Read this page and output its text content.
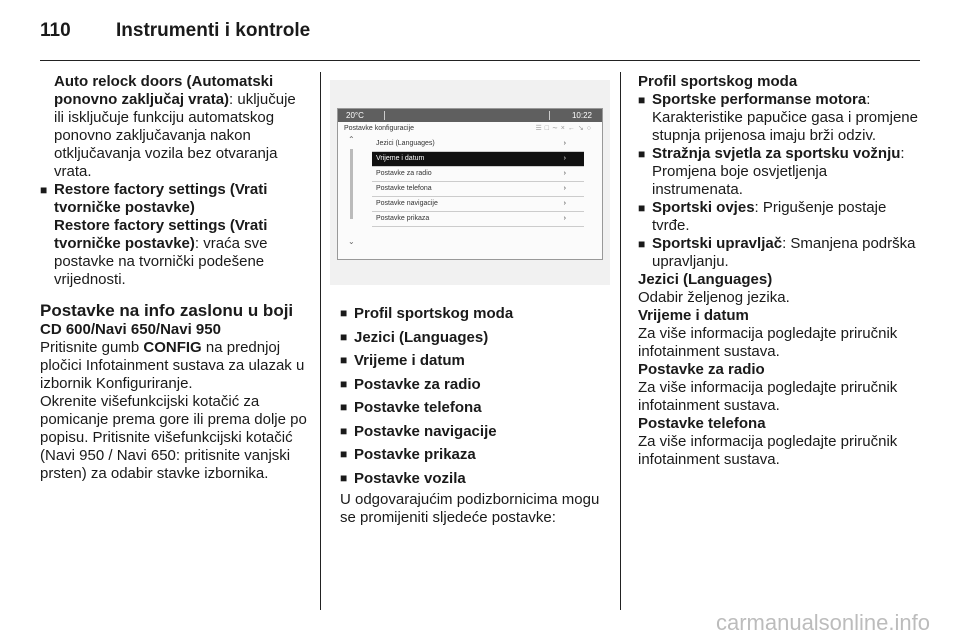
110 Instrumenti i kontrole

Auto relock doors (Automatski ponovno zaključaj vrata): uključuje ili isključuje funkciju automatskog ponovno zaključavanja nakon otključavanja vozila bez otvaranja vrata.

■ Restore factory settings (Vrati tvorničke postavke)

Restore factory settings (Vrati tvorničke postavke): vraća sve postavke na tvornički podešene vrijednosti.

Postavke na info zaslonu u boji

CD 600/Navi 650/Navi 950

Pritisnite gumb CONFIG na prednjoj pločici Infotainment sustava za ulazak u izbornik Konfiguriranje.

Okrenite višefunkcijski kotačić za pomicanje prema gore ili prema dolje po popisu. Pritisnite višefunkcijski kotačić (Navi 950 / Navi 650: pritisnite vanjski prsten) za odabir stavke izbornika.

20°C	10:22
Postavke konfiguracije	☰□∼×←↘○
⌃
⌄
Jezici (Languages)	›
Vrijeme i datum	›
Postavke za radio	›
Postavke telefona	›
Postavke navigacije	›
Postavke prikaza	›

■ Profil sportskog moda

■ Jezici (Languages)

■ Vrijeme i datum

■ Postavke za radio

■ Postavke telefona

■ Postavke navigacije

■ Postavke prikaza

■ Postavke vozila

U odgovarajućim podizbornicima mogu se promijeniti sljedeće postavke:

Profil sportskog moda

■ Sportske performanse motora:

Karakteristike papučice gasa i promjene stupnja prijenosa imaju brži odziv.

■ Stražnja svjetla za sportsku vožnju:

Promjena boje osvjetljenja instrumenata.

■ Sportski ovjes: Prigušenje postaje tvrđe.

■ Sportski upravljač: Smanjena podrška upravljanju.

Jezici (Languages)

Odabir željenog jezika.

Vrijeme i datum

Za više informacija pogledajte priručnik infotainment sustava.

Postavke za radio

Za više informacija pogledajte priručnik infotainment sustava.

Postavke telefona

Za više informacija pogledajte priručnik infotainment sustava.

carmanualsonline.info
